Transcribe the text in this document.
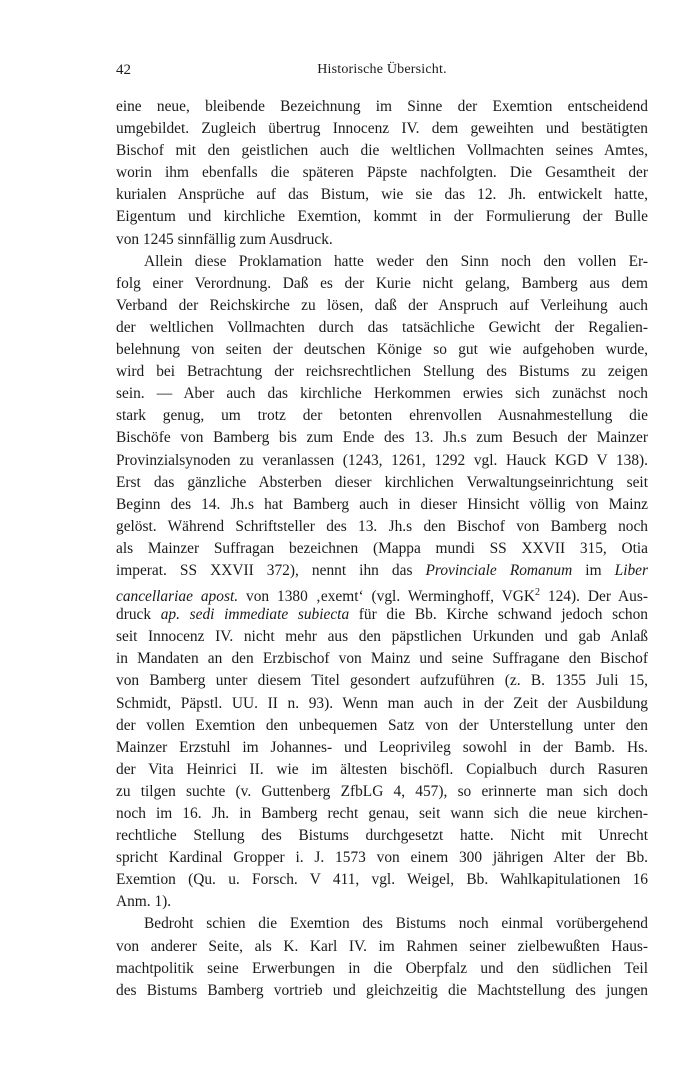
42	Historische Übersicht.
eine neue, bleibende Bezeichnung im Sinne der Exemtion entscheidend
umgebildet. Zugleich übertrug Innocenz IV. dem geweihten und bestätigten
Bischof mit den geistlichen auch die weltlichen Vollmachten seines Amtes,
worin ihm ebenfalls die späteren Päpste nachfolgten. Die Gesamtheit der
kurialen Ansprüche auf das Bistum, wie sie das 12. Jh. entwickelt hatte,
Eigentum und kirchliche Exemtion, kommt in der Formulierung der Bulle
von 1245 sinnfällig zum Ausdruck.
Allein diese Proklamation hatte weder den Sinn noch den vollen Er-
folg einer Verordnung. Daß es der Kurie nicht gelang, Bamberg aus dem
Verband der Reichskirche zu lösen, daß der Anspruch auf Verleihung auch
der weltlichen Vollmachten durch das tatsächliche Gewicht der Regalien-
belehnung von seiten der deutschen Könige so gut wie aufgehoben wurde,
wird bei Betrachtung der reichsrechtlichen Stellung des Bistums zu zeigen
sein. — Aber auch das kirchliche Herkommen erwies sich zunächst noch
stark genug, um trotz der betonten ehrenvollen Ausnahmestellung die
Bischöfe von Bamberg bis zum Ende des 13. Jh.s zum Besuch der Mainzer
Provinzialsynoden zu veranlassen (1243, 1261, 1292 vgl. Hauck KGD V 138).
Erst das gänzliche Absterben dieser kirchlichen Verwaltungseinrichtung seit
Beginn des 14. Jh.s hat Bamberg auch in dieser Hinsicht völlig von Mainz
gelöst. Während Schriftsteller des 13. Jh.s den Bischof von Bamberg noch
als Mainzer Suffragan bezeichnen (Mappa mundi SS XXVII 315, Otia
imperat. SS XXVII 372), nennt ihn das Provinciale Romanum im Liber
cancellariae apost. von 1380 ‚exemt‘ (vgl. Werminghoff, VGK$^2$ 124). Der Aus-
druck ap. sedi immediate subiecta für die Bb. Kirche schwand jedoch schon
seit Innocenz IV. nicht mehr aus den päpstlichen Urkunden und gab Anlaß
in Mandaten an den Erzbischof von Mainz und seine Suffragane den Bischof
von Bamberg unter diesem Titel gesondert aufzuführen (z. B. 1355 Juli 15,
Schmidt, Päpstl. UU. II n. 93). Wenn man auch in der Zeit der Ausbildung
der vollen Exemtion den unbequemen Satz von der Unterstellung unter den
Mainzer Erzstuhl im Johannes- und Leoprivileg sowohl in der Bamb. Hs.
der Vita Heinrici II. wie im ältesten bischöfl. Copialbuch durch Rasuren
zu tilgen suchte (v. Guttenberg ZfbLG 4, 457), so erinnerte man sich doch
noch im 16. Jh. in Bamberg recht genau, seit wann sich die neue kirchen-
rechtliche Stellung des Bistums durchgesetzt hatte. Nicht mit Unrecht
spricht Kardinal Gropper i. J. 1573 von einem 300 jährigen Alter der Bb.
Exemtion (Qu. u. Forsch. V 411, vgl. Weigel, Bb. Wahlkapitulationen 16
Anm. 1).
Bedroht schien die Exemtion des Bistums noch einmal vorübergehend
von anderer Seite, als K. Karl IV. im Rahmen seiner zielbewußten Haus-
machtpolitik seine Erwerbungen in die Oberpfalz und den südlichen Teil
des Bistums Bamberg vortrieb und gleichzeitig die Machtstellung des jungen
